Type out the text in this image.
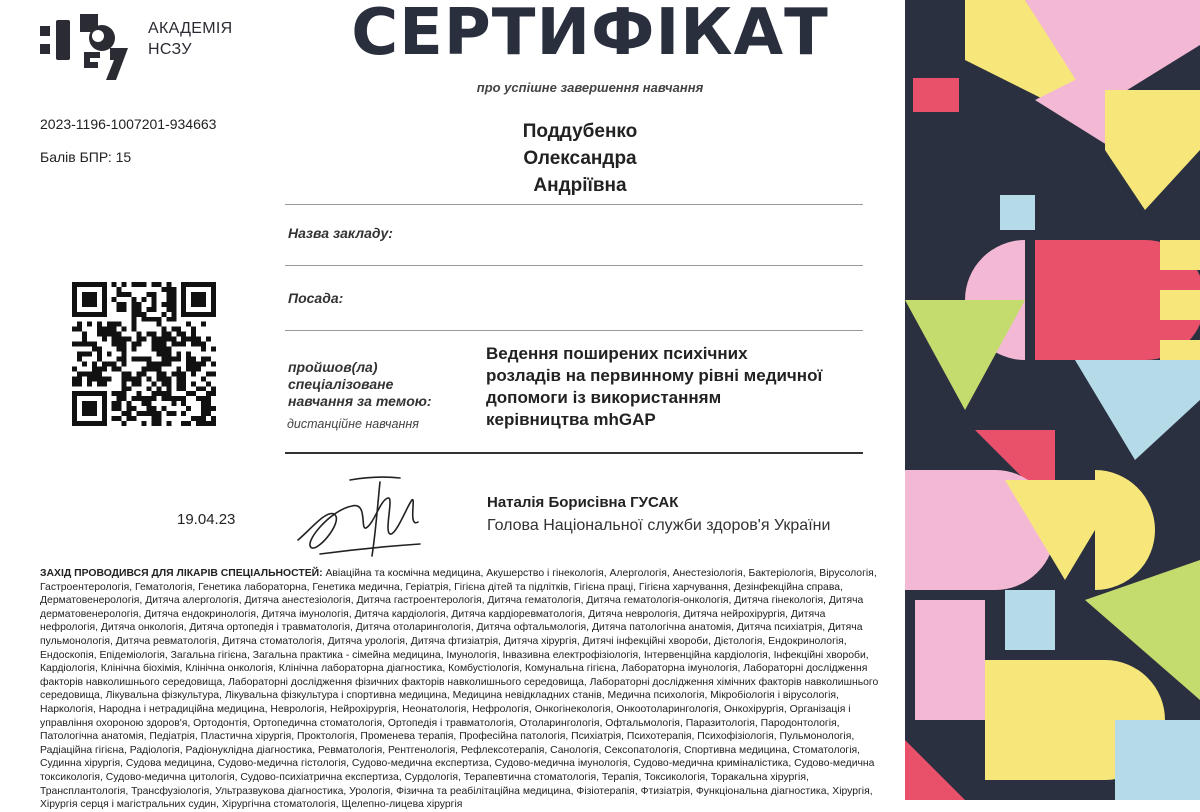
АКАДЕМІЯ
НСЗУ	СЕРТИФІКАТ
про успішне завершення навчання
2023-1196-1007201-934663
Балів БПР: 15
Поддубенко
Олександра
Андріївна
Назва закладу:
Посада:
пройшов(ла)
спеціалізоване
навчання за темою:
дистанційне навчання
Ведення поширених психічних
розладів на первинному рівні медичної
допомоги із використанням
керівництва mhGAP
19.04.23
Наталія Борисівна ГУСАК
Голова Національної служби здоров'я України
ЗАХІД ПРОВОДИВСЯ ДЛЯ ЛІКАРІВ СПЕЦІАЛЬНОСТЕЙ: Авіаційна та космічна медицина, Акушерство і гінекологія, Алергологія, Анестезіологія, Бактеріологія, Вірусологія, Гастроентерологія, Гематологія, Генетика лабораторна, Генетика медична, Геріатрія, Гігієна дітей та підлітків, Гігієна праці, Гігієна харчування, Дезінфекційна справа, Дерматовенерологія, Дитяча алергологія, Дитяча анестезіологія, Дитяча гастроентерологія, Дитяча гематологія, Дитяча гематологія-онкологія, Дитяча гінекологія, Дитяча дерматовенерологія, Дитяча ендокринологія, Дитяча імунологія, Дитяча кардіологія, Дитяча кардіоревматологія, Дитяча неврологія, Дитяча нейрохірургія, Дитяча нефрологія, Дитяча онкологія, Дитяча ортопедія і травматологія, Дитяча отоларингологія, Дитяча офтальмологія, Дитяча патологічна анатомія, Дитяча психіатрія, Дитяча пульмонологія, Дитяча ревматологія, Дитяча стоматологія, Дитяча урологія, Дитяча фтизіатрія, Дитяча хірургія, Дитячі інфекційні хвороби, Дієтологія, Ендокринологія, Ендоскопія, Епідеміологія, Загальна гігієна, Загальна практика - сімейна медицина, Імунологія, Інвазивна електрофізіологія, Інтервенційна кардіологія, Інфекційні хвороби, Кардіологія, Клінічна біохімія, Клінічна онкологія, Клінічна лабораторна діагностика, Комбустіологія, Комунальна гігієна, Лабораторна імунологія, Лабораторні дослідження факторів навколишнього середовища, Лабораторні дослідження фізичних факторів навколишнього середовища, Лабораторні дослідження хімічних факторів навколишнього середовища, Лікувальна фізкультура, Лікувальна фізкультура і спортивна медицина, Медицина невідкладних станів, Медична психологія, Мікробіологія і вірусологія, Наркологія, Народна і нетрадиційна медицина, Неврологія, Нейрохірургія, Неонатологія, Нефрологія, Онкогінекологія, Онкоотоларингологія, Онкохірургія, Організація і управління охороною здоров'я, Ортодонтія, Ортопедична стоматологія, Ортопедія і травматологія, Отоларингологія, Офтальмологія, Паразитологія, Пародонтологія, Патологічна анатомія, Педіатрія, Пластична хірургія, Проктологія, Променева терапія, Професійна патологія, Психіатрія, Психотерапія, Психофізіологія, Пульмонологія, Радіаційна гігієна, Радіологія, Радіонуклідна діагностика, Ревматологія, Рентгенологія, Рефлексотерапія, Санологія, Сексопатологія, Спортивна медицина, Стоматологія, Судинна хірургія, Судова медицина, Судово-медична гістологія, Судово-медична експертиза, Судово-медична імунологія, Судово-медична криміналістика, Судово-медична токсикологія, Судово-медична цитологія, Судово-психіатрична експертиза, Сурдологія, Терапевтична стоматологія, Терапія, Токсикологія, Торакальна хірургія, Трансплантологія, Трансфузіологія, Ультразвукова діагностика, Урологія, Фізична та реабілітаційна медицина, Фізіотерапія, Фтизіатрія, Функціональна діагностика, Хірургія, Хірургія серця і магістральних судин, Хірургічна стоматологія, Щелепно-лицева хірургія
